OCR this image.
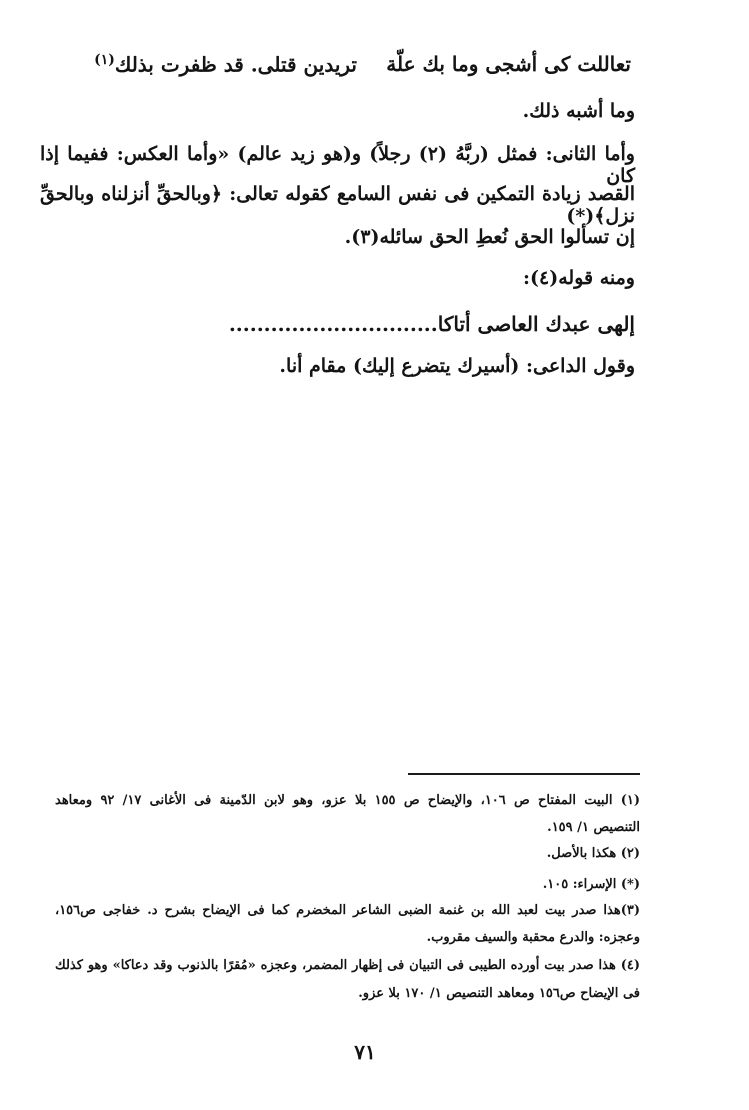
تعاللت كى أشجى وما بك علّة
تريدين قتلى. قد ظفرت بذلك$^{(١)}$
وما أشبه ذلك.
وأما الثانى: فمثل (ربَّهُ (٢) رجلاً) و(هو زيد عالم) «وأما العكس: ففيما إذا كان
القصد زيادة التمكين فى نفس السامع كقوله تعالى: ﴿وبالحقِّ أنزلناه وبالحقِّ نزل﴾(*)
إن تسألوا الحق نُعطِ الحق سائله(٣).
ومنه قوله(٤):
إلهى عبدك العاصى أتاكا..............................
وقول الداعى: (أسيرك يتضرع إليك) مقام أنا.
(١) البيت المفتاح ص ١٠٦، والإيضاح ص ١٥٥ بلا عزو، وهو لابن الدّمينة فى الأغانى ١٧/ ٩٢ ومعاهد
التنصيص ١/ ١٥٩.
(٢) هكذا بالأصل.
(*) الإسراء: ١٠٥.
(٣)هذا صدر بيت لعبد الله بن غنمة الضبى الشاعر المخضرم كما فى الإيضاح بشرح د. خفاجى ص١٥٦،
وعجزه: والدرع محقبة والسيف مقروب.
(٤) هذا صدر بيت أورده الطيبى فى التبيان فى إظهار المضمر، وعجزه «مُقرًا بالذنوب وقد دعاكا» وهو كذلك
فى الإيضاح ص١٥٦ ومعاهد التنصيص ١/ ١٧٠ بلا عزو.
٧١
